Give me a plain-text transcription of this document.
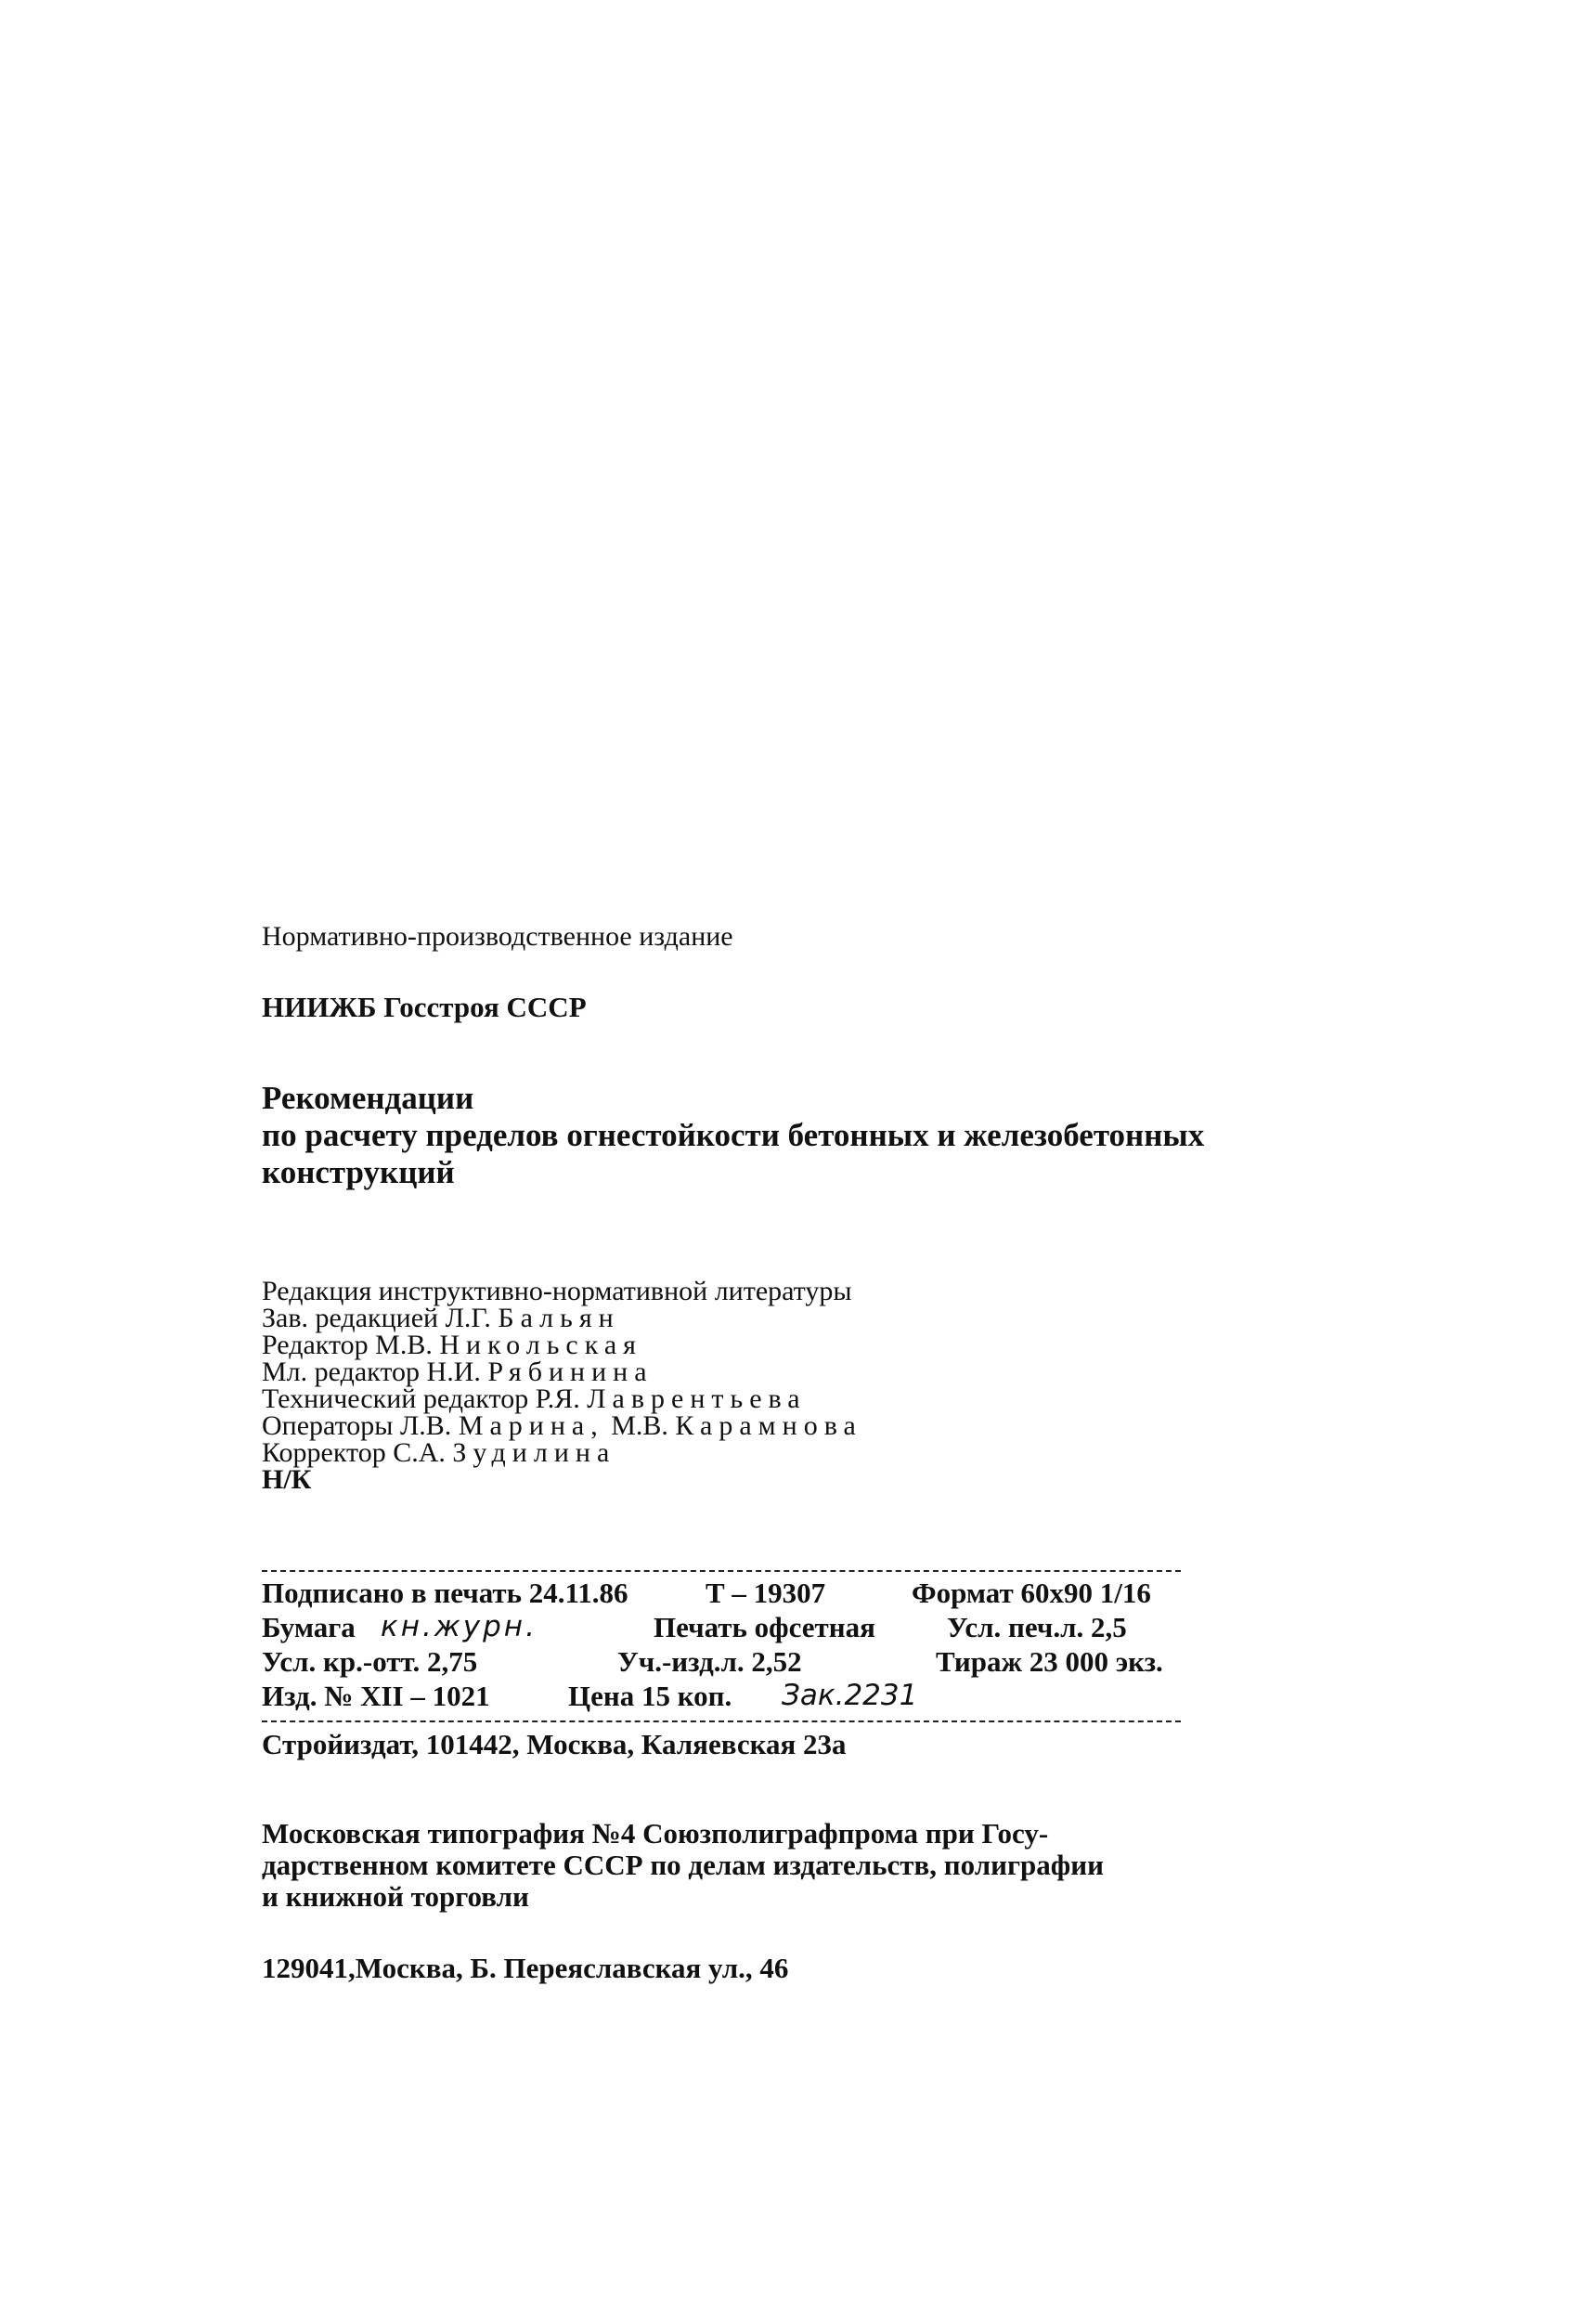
Нормативно-производственное издание
НИИЖБ Госстроя СССР
Рекомендации
по расчету пределов огнестойкости бетонных и железобетонных
конструкций
Редакция инструктивно-нормативной литературы
Зав. редакцией Л.Г. Бальян
Редактор М.В. Никольская
Мл. редактор Н.И. Рябинина
Технический редактор Р.Я. Лаврентьева
Операторы Л.В. Марина, М.В. Карамнова
Корректор С.А. Зудилина
Н/К
Подписано в печать 24.11.86	Т – 19307	Формат 60х90 1/16
Бумага кн.журн.	Печать офсетная Усл. печ.л. 2,5
Усл. кр.-отт. 2,75	Уч.-изд.л. 2,52	Тираж 23 000 экз.
Изд. № XII – 1021	Цена 15 коп. Зак.2231
Стройиздат, 101442, Москва, Каляевская 23а
Московская типография №4 Союзполиграфпрома при Госу-
дарственном комитете СССР по делам издательств, полиграфии
и книжной торговли
129041,Москва, Б. Переяславская ул., 46
